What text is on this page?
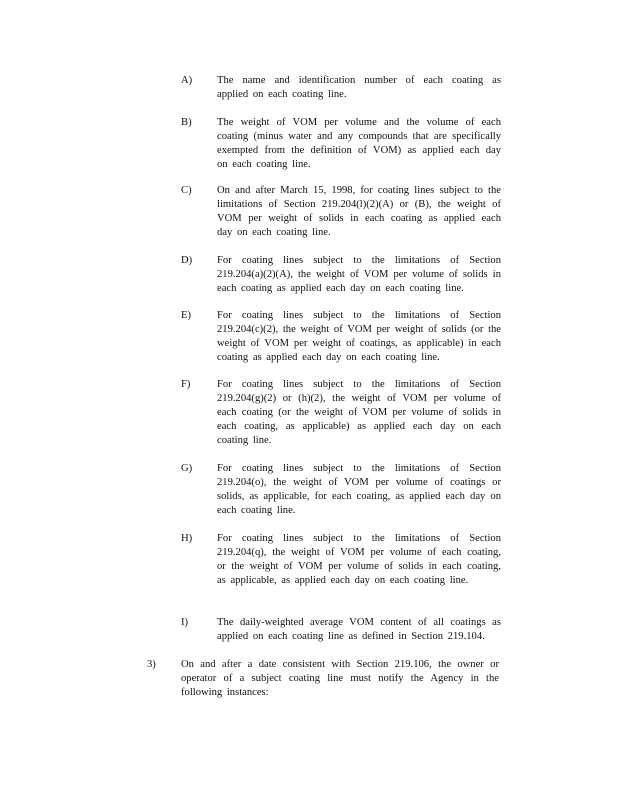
A) The name and identification number of each coating as applied on each coating line.
B) The weight of VOM per volume and the volume of each coating (minus water and any compounds that are specifically exempted from the definition of VOM) as applied each day on each coating line.
C) On and after March 15, 1998, for coating lines subject to the limitations of Section 219.204(l)(2)(A) or (B), the weight of VOM per weight of solids in each coating as applied each day on each coating line.
D) For coating lines subject to the limitations of Section 219.204(a)(2)(A), the weight of VOM per volume of solids in each coating as applied each day on each coating line.
E) For coating lines subject to the limitations of Section 219.204(c)(2), the weight of VOM per weight of solids (or the weight of VOM per weight of coatings, as applicable) in each coating as applied each day on each coating line.
F)	For coating lines subject to the limitations of Section 219.204(g)(2) or (h)(2), the weight of VOM per volume of each coating (or the weight of VOM per volume of solids in each coating, as applicable) as applied each day on each coating line.
G) For coating lines subject to the limitations of Section 219.204(o), the weight of VOM per volume of coatings or solids, as applicable, for each coating, as applied each day on each coating line.
H) For coating lines subject to the limitations of Section 219.204(q), the weight of VOM per volume of each coating, or the weight of VOM per volume of solids in each coating, as applicable, as applied each day on each coating line.
I)	The daily-weighted average VOM content of all coatings as applied on each coating line as defined in Section 219.104.
3) On and after a date consistent with Section 219.106, the owner or operator of a subject coating line must notify the Agency in the following instances:
